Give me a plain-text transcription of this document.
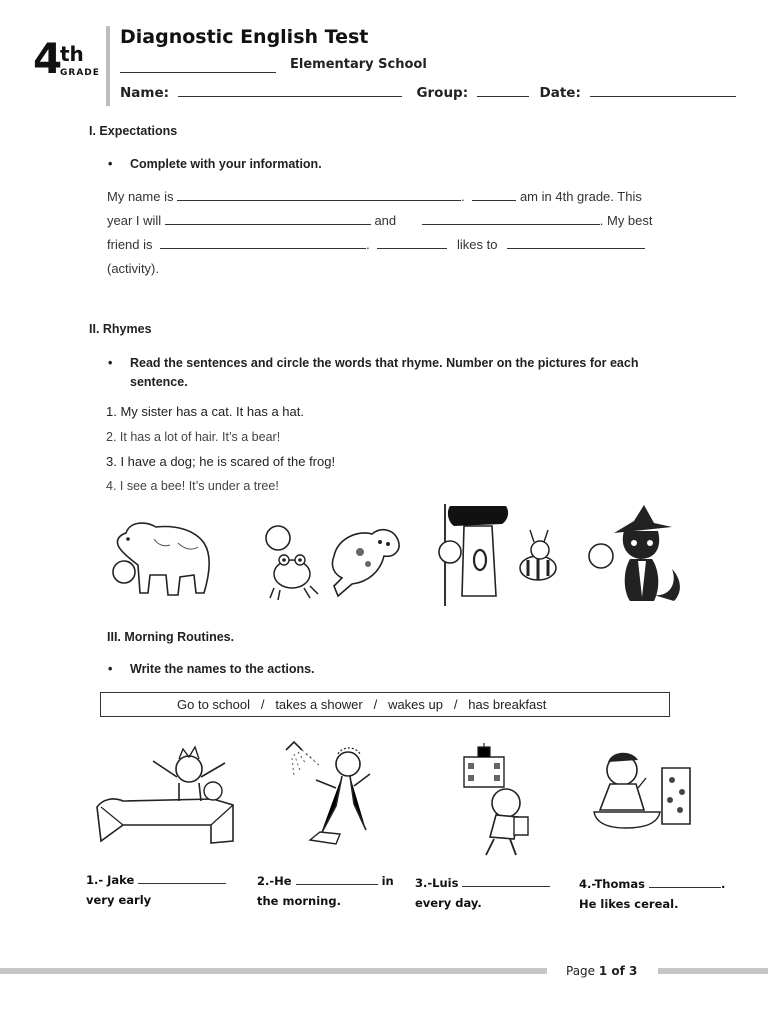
4 th
GRADE
Diagnostic English Test
Elementary School
Name:	Group:	Date:
I. Expectations
• Complete with your information.
My name is	.	am in 4th grade. This
year I will	and	. My best
friend is	.	likes to
(activity).
II. Rhymes
• Read the sentences and circle the words that rhyme. Number on the pictures for each sentence.
1. My sister has a cat. It has a hat.
2. It has a lot of hair. It’s a bear!
3. I have a dog; he is scared of the frog!
4. I see a bee! It’s under a tree!
III. Morning Routines.
• Write the names to the actions.
Go to school / takes a shower / wakes up / has breakfast
1.- Jake
very early
2.-He	in
the morning.
3.-Luis
every day.
4.-Thomas	.
He likes cereal.
Page 1 of 3
